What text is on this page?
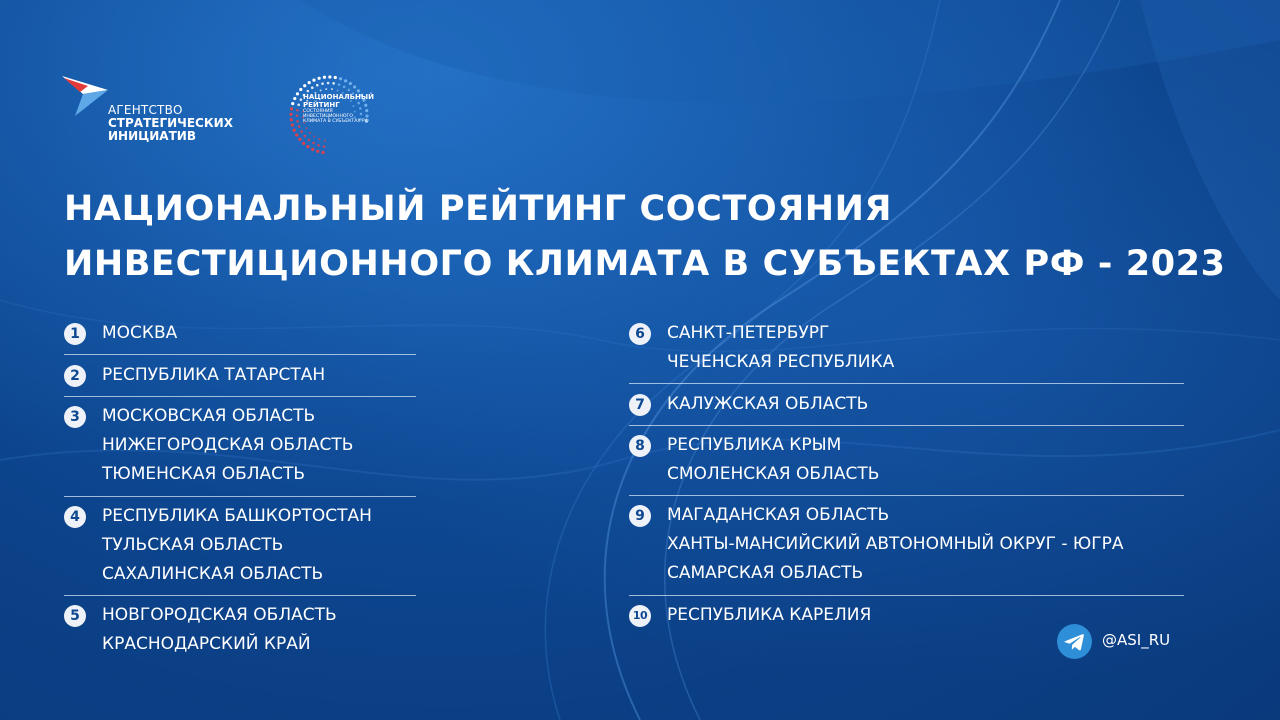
АГЕНТСТВО
СТРАТЕГИЧЕСКИХ
ИНИЦИАТИВ
НАЦИОНАЛЬНЫЙ
РЕЙТИНГ
СОСТОЯНИЯ
ИНВЕСТИЦИОННОГО
КЛИМАТА В СУБЪЕКТАХ РФ
НАЦИОНАЛЬНЫЙ РЕЙТИНГ СОСТОЯНИЯ
ИНВЕСТИЦИОННОГО КЛИМАТА В СУБЪЕКТАХ РФ - 2023
1	МОСКВА
2	РЕСПУБЛИКА ТАТАРСТАН
3	МОСКОВСКАЯ ОБЛАСТЬ
НИЖЕГОРОДСКАЯ ОБЛАСТЬ
ТЮМЕНСКАЯ ОБЛАСТЬ
4	РЕСПУБЛИКА БАШКОРТОСТАН
ТУЛЬСКАЯ ОБЛАСТЬ
САХАЛИНСКАЯ ОБЛАСТЬ
5	НОВГОРОДСКАЯ ОБЛАСТЬ
КРАСНОДАРСКИЙ КРАЙ
6	САНКТ-ПЕТЕРБУРГ
ЧЕЧЕНСКАЯ РЕСПУБЛИКА
7	КАЛУЖСКАЯ ОБЛАСТЬ
8	РЕСПУБЛИКА КРЫМ
СМОЛЕНСКАЯ ОБЛАСТЬ
9	МАГАДАНСКАЯ ОБЛАСТЬ
ХАНТЫ-МАНСИЙСКИЙ АВТОНОМНЫЙ ОКРУГ - ЮГРА
САМАРСКАЯ ОБЛАСТЬ
10 РЕСПУБЛИКА КАРЕЛИЯ
@ASI_RU
